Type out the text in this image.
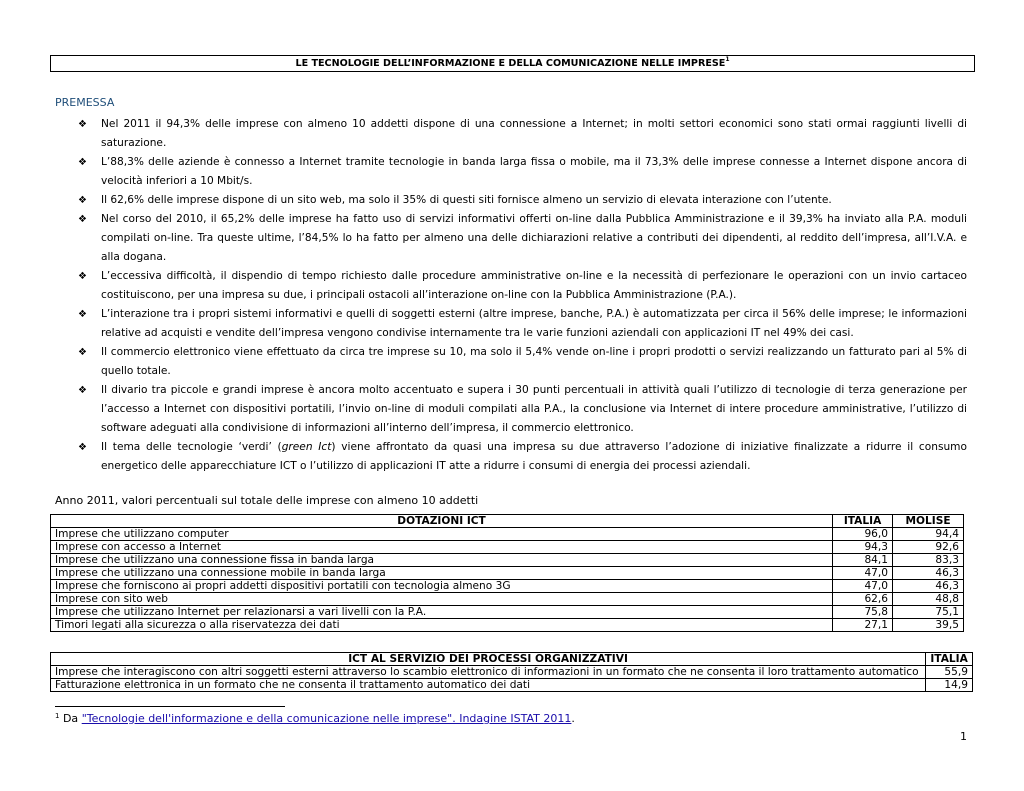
LE TECNOLOGIE DELL’INFORMAZIONE E DELLA COMUNICAZIONE NELLE IMPRESE$^1$
PREMESSA
❖ Nel 2011 il 94,3% delle imprese con almeno 10 addetti dispone di una connessione a Internet; in molti settori economici sono stati ormai raggiunti livelli di saturazione.
❖ L’88,3% delle aziende è connesso a Internet tramite tecnologie in banda larga fissa o mobile, ma il 73,3% delle imprese connesse a Internet dispone ancora di velocità inferiori a 10 Mbit/s.
❖ Il 62,6% delle imprese dispone di un sito web, ma solo il 35% di questi siti fornisce almeno un servizio di elevata interazione con l’utente.
❖ Nel corso del 2010, il 65,2% delle imprese ha fatto uso di servizi informativi offerti on-line dalla Pubblica Amministrazione e il 39,3% ha inviato alla P.A. moduli compilati on-line. Tra queste ultime, l’84,5% lo ha fatto per almeno una delle dichiarazioni relative a contributi dei dipendenti, al reddito dell’impresa, all’I.V.A. e alla dogana.
❖ L’eccessiva difficoltà, il dispendio di tempo richiesto dalle procedure amministrative on-line e la necessità di perfezionare le operazioni con un invio cartaceo costituiscono, per una impresa su due, i principali ostacoli all’interazione on-line con la Pubblica Amministrazione (P.A.).
❖ L’interazione tra i propri sistemi informativi e quelli di soggetti esterni (altre imprese, banche, P.A.) è automatizzata per circa il 56% delle imprese; le informazioni relative ad acquisti e vendite dell’impresa vengono condivise internamente tra le varie funzioni aziendali con applicazioni IT nel 49% dei casi.
❖ Il commercio elettronico viene effettuato da circa tre imprese su 10, ma solo il 5,4% vende on-line i propri prodotti o servizi realizzando un fatturato pari al 5% di quello totale.
❖ Il divario tra piccole e grandi imprese è ancora molto accentuato e supera i 30 punti percentuali in attività quali l’utilizzo di tecnologie di terza generazione per l’accesso a Internet con dispositivi portatili, l’invio on-line di moduli compilati alla P.A., la conclusione via Internet di intere procedure amministrative, l’utilizzo di software adeguati alla condivisione di informazioni all’interno dell’impresa, il commercio elettronico.
❖ Il tema delle tecnologie ‘verdi’ (green Ict) viene affrontato da quasi una impresa su due attraverso l’adozione di iniziative finalizzate a ridurre il consumo energetico delle apparecchiature ICT o l’utilizzo di applicazioni IT atte a ridurre i consumi di energia dei processi aziendali.
Anno 2011, valori percentuali sul totale delle imprese con almeno 10 addetti
DOTAZIONI ICT	ITALIA	MOLISE
Imprese che utilizzano computer	96,0	94,4
Imprese con accesso a Internet	94,3	92,6
Imprese che utilizzano una connessione fissa in banda larga	84,1	83,3
Imprese che utilizzano una connessione mobile in banda larga	47,0	46,3
Imprese che forniscono ai propri addetti dispositivi portatili con tecnologia almeno 3G	47,0	46,3
Imprese con sito web	62,6	48,8
Imprese che utilizzano Internet per relazionarsi a vari livelli con la P.A.	75,8	75,1
Timori legati alla sicurezza o alla riservatezza dei dati	27,1	39,5
ICT AL SERVIZIO DEI PROCESSI ORGANIZZATIVI	ITALIA
Imprese che interagiscono con altri soggetti esterni attraverso lo scambio elettronico di informazioni in un formato che ne consenta il loro trattamento automatico	55,9
Fatturazione elettronica in un formato che ne consenta il trattamento automatico dei dati	14,9
$^1$ Da "Tecnologie dell'informazione e della comunicazione nelle imprese". Indagine ISTAT 2011.
1
